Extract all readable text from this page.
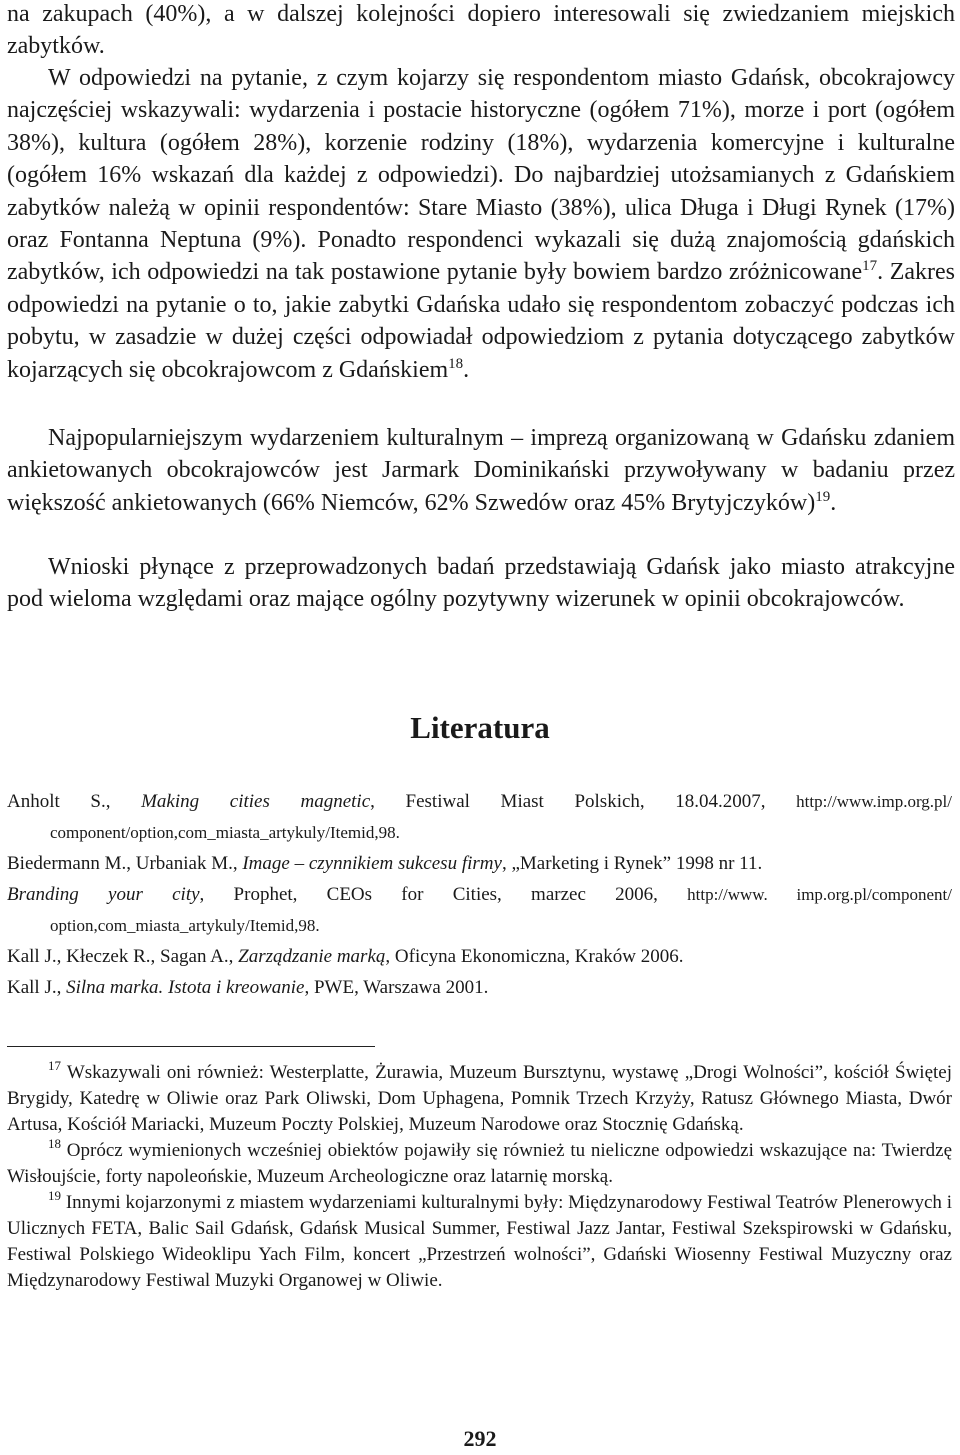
na zakupach (40%), a w dalszej kolejności dopiero interesowali się zwiedzaniem miejskich zabytków.

W odpowiedzi na pytanie, z czym kojarzy się respondentom miasto Gdańsk, obcokrajowcy najczęściej wskazywali: wydarzenia i postacie historyczne (ogółem 71%), morze i port (ogółem 38%), kultura (ogółem 28%), korzenie rodziny (18%), wydarzenia komercyjne i kulturalne (ogółem 16% wskazań dla każdej z odpowiedzi). Do najbardziej utożsamianych z Gdańskiem zabytków należą w opinii respondentów: Stare Miasto (38%), ulica Długa i Długi Rynek (17%) oraz Fontanna Neptuna (9%). Ponadto respondenci wykazali się dużą znajomością gdańskich zabytków, ich odpowiedzi na tak postawione pytanie były bowiem bardzo zróżnicowane$^{17}$. Zakres odpowiedzi na pytanie o to, jakie zabytki Gdańska udało się respondentom zobaczyć podczas ich pobytu, w zasadzie w dużej części odpowiadał odpowiedziom z pytania dotyczącego zabytków kojarzących się obcokrajowcom z Gdańskiem$^{18}$.

Najpopularniejszym wydarzeniem kulturalnym – imprezą organizowaną w Gdańsku zdaniem ankietowanych obcokrajowców jest Jarmark Dominikański przywoływany w badaniu przez większość ankietowanych (66% Niemców, 62% Szwedów oraz 45% Brytyjczyków)$^{19}$.

Wnioski płynące z przeprowadzonych badań przedstawiają Gdańsk jako miasto atrakcyjne pod wieloma względami oraz mające ogólny pozytywny wizerunek w opinii obcokrajowców.

Literatura

Anholt S., Making cities magnetic, Festiwal Miast Polskich, 18.04.2007, http://www.imp.org.pl/ component/option,com_miasta_artykuly/Itemid,98.

Biedermann M., Urbaniak M., Image – czynnikiem sukcesu firmy, „Marketing i Rynek” 1998 nr 11.

Branding your city, Prophet, CEOs for Cities, marzec 2006, http://www. imp.org.pl/component/ option,com_miasta_artykuly/Itemid,98.

Kall J., Kłeczek R., Sagan A., Zarządzanie marką, Oficyna Ekonomiczna, Kraków 2006.

Kall J., Silna marka. Istota i kreowanie, PWE, Warszawa 2001.

$^{17}$ Wskazywali oni również: Westerplatte, Żurawia, Muzeum Bursztynu, wystawę „Drogi Wolności”, kościół Świętej Brygidy, Katedrę w Oliwie oraz Park Oliwski, Dom Uphagena, Pomnik Trzech Krzyży, Ratusz Głównego Miasta, Dwór Artusa, Kościół Mariacki, Muzeum Poczty Polskiej, Muzeum Narodowe oraz Stocznię Gdańską.

$^{18}$ Oprócz wymienionych wcześniej obiektów pojawiły się również tu nieliczne odpowiedzi wskazujące na: Twierdzę Wisłoujście, forty napoleońskie, Muzeum Archeologiczne oraz latarnię morską.

$^{19}$ Innymi kojarzonymi z miastem wydarzeniami kulturalnymi były: Międzynarodowy Festiwal Teatrów Plenerowych i Ulicznych FETA, Balic Sail Gdańsk, Gdańsk Musical Summer, Festiwal Jazz Jantar, Festiwal Szekspirowski w Gdańsku, Festiwal Polskiego Wideoklipu Yach Film, koncert „Przestrzeń wolności”, Gdański Wiosenny Festiwal Muzyczny oraz Międzynarodowy Festiwal Muzyki Organowej w Oliwie.

292
